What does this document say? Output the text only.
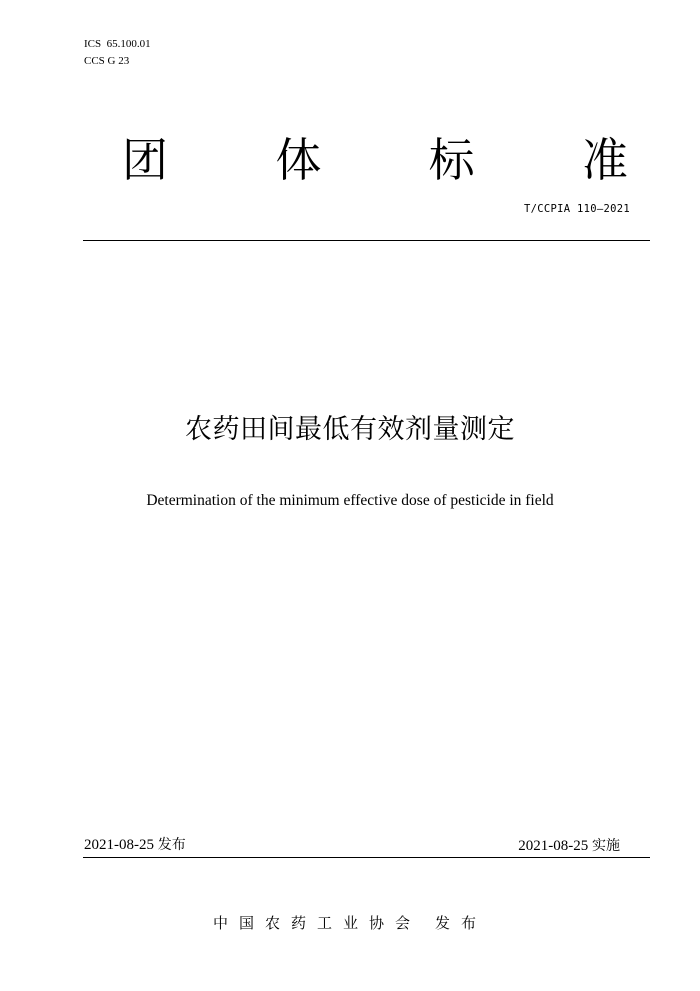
ICS  65.100.01
CCS G 23
团	体	标	准
T/CCPIA 110—2021
农药田间最低有效剂量测定
Determination of the minimum effective dose of pesticide in field
2021-08-25 发布	2021-08-25 实施
中国农药工业协会 发布
